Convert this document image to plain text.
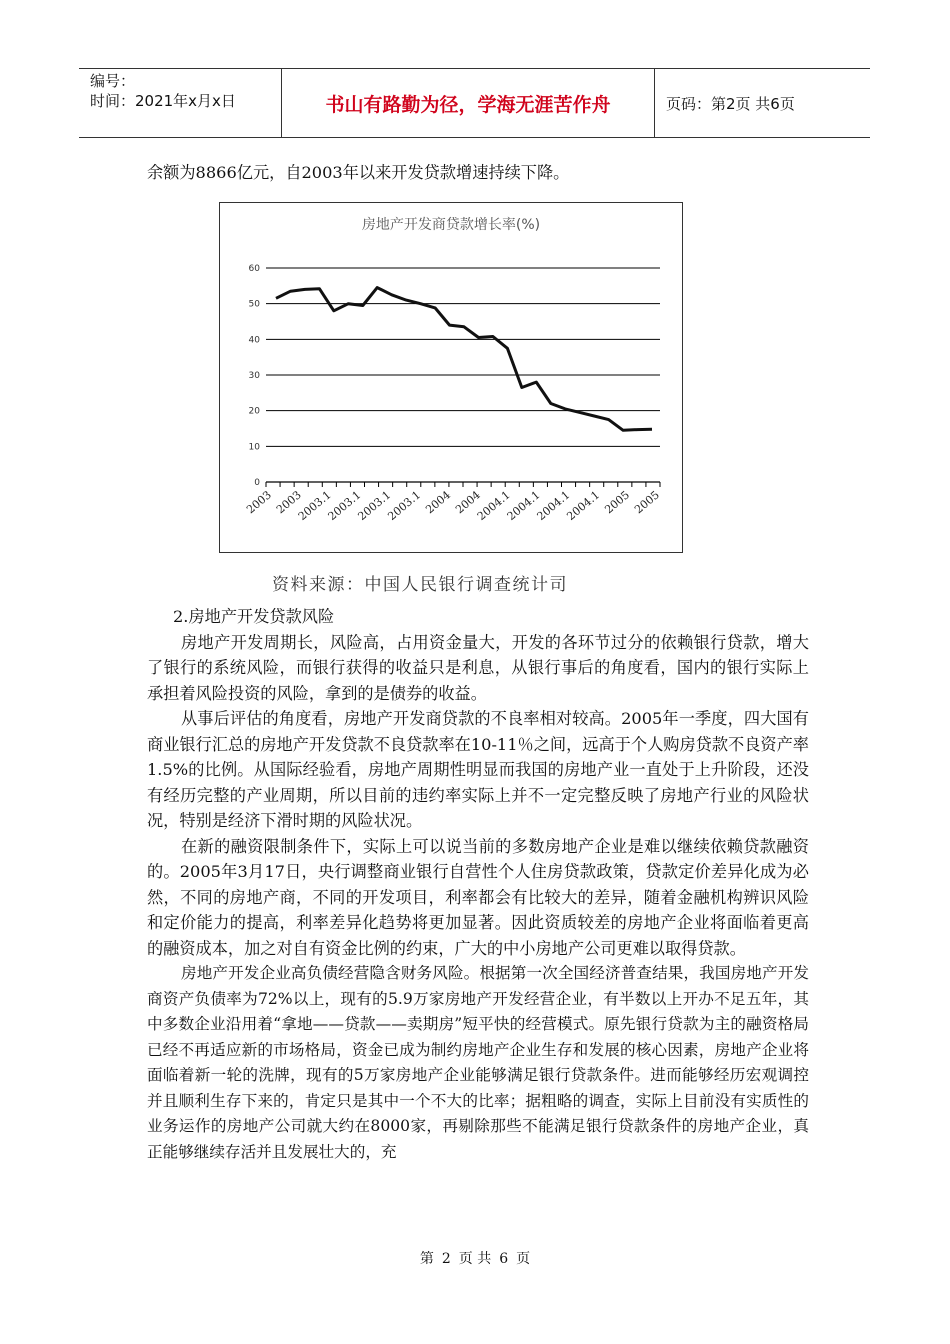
编号：
时间：2021年x月x日	书山有路勤为径，学海无涯苦作舟	页码：第2页 共6页

余额为8866亿元，自2003年以来开发贷款增速持续下降。

房地产开发商贷款增长率(%)
0
10
20
30
40
50
60
2003 2003
2003.1
2003.1
2003.1
2003.1 2004 2004
2004.1
2004.1
2004.1
2004.1 2005 2005
资料来源：中国人民银行调查统计司

2.房地产开发贷款风险

房地产开发周期长，风险高，占用资金量大，开发的各环节过分的依赖银行贷款，增大了银行的系统风险，而银行获得的收益只是利息，从银行事后的角度看，国内的银行实际上承担着风险投资的风险，拿到的是债券的收益。

从事后评估的角度看，房地产开发商贷款的不良率相对较高。2005年一季度，四大国有商业银行汇总的房地产开发贷款不良贷款率在10-11％之间，远高于个人购房贷款不良资产率1.5%的比例。从国际经验看，房地产周期性明显而我国的房地产业一直处于上升阶段，还没有经历完整的产业周期，所以目前的违约率实际上并不一定完整反映了房地产行业的风险状况，特别是经济下滑时期的风险状况。

在新的融资限制条件下，实际上可以说当前的多数房地产企业是难以继续依赖贷款融资的。2005年3月17日，央行调整商业银行自营性个人住房贷款政策，贷款定价差异化成为必然，不同的房地产商，不同的开发项目，利率都会有比较大的差异，随着金融机构辨识风险和定价能力的提高，利率差异化趋势将更加显著。因此资质较差的房地产企业将面临着更高的融资成本，加之对自有资金比例的约束，广大的中小房地产公司更难以取得贷款。

房地产开发企业高负债经营隐含财务风险。根据第一次全国经济普查结果，我国房地产开发商资产负债率为72%以上，现有的5.9万家房地产开发经营企业，有半数以上开办不足五年，其中多数企业沿用着“拿地——贷款——卖期房”短平快的经营模式。原先银行贷款为主的融资格局已经不再适应新的市场格局，资金已成为制约房地产企业生存和发展的核心因素，房地产企业将面临着新一轮的洗牌，现有的5万家房地产企业能够满足银行贷款条件。进而能够经历宏观调控并且顺利生存下来的，肯定只是其中一个不大的比率；据粗略的调查，实际上目前没有实质性的业务运作的房地产公司就大约在8000家，再剔除那些不能满足银行贷款条件的房地产企业，真正能够继续存活并且发展壮大的，充

第 2 页 共 6 页
